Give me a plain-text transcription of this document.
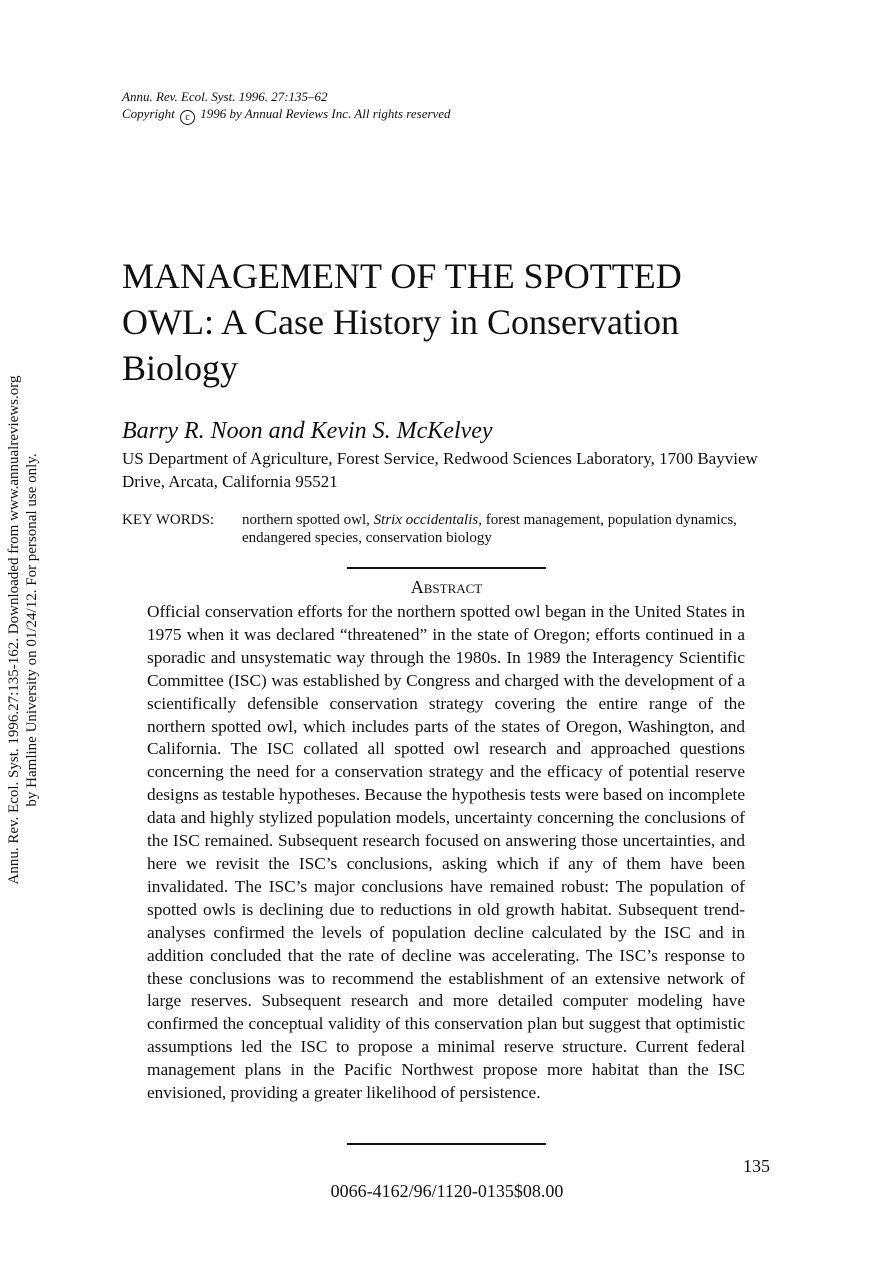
Annu. Rev. Ecol. Syst. 1996. 27:135–62
Copyright c 1996 by Annual Reviews Inc. All rights reserved
MANAGEMENT OF THE SPOTTED OWL: A Case History in Conservation Biology
Barry R. Noon and Kevin S. McKelvey
US Department of Agriculture, Forest Service, Redwood Sciences Laboratory, 1700 Bayview Drive, Arcata, California 95521
KEY WORDS:	northern spotted owl, Strix occidentalis, forest management, population dynamics, endangered species, conservation biology
Abstract

Official conservation efforts for the northern spotted owl began in the United States in 1975 when it was declared “threatened” in the state of Oregon; efforts continued in a sporadic and unsystematic way through the 1980s. In 1989 the Interagency Scientific Committee (ISC) was established by Congress and charged with the development of a scientifically defensible conservation strategy covering the entire range of the northern spotted owl, which includes parts of the states of Oregon, Washington, and California. The ISC collated all spotted owl research and approached questions concerning the need for a conservation strategy and the efficacy of potential reserve designs as testable hypotheses. Because the hypothesis tests were based on incomplete data and highly stylized population models, uncertainty concerning the conclusions of the ISC remained. Subsequent research focused on answering those uncertainties, and here we revisit the ISC’s conclusions, asking which if any of them have been invalidated. The ISC’s major conclusions have remained robust: The population of spotted owls is declining due to reductions in old growth habitat. Subsequent trend-analyses confirmed the levels of population decline calculated by the ISC and in addition concluded that the rate of decline was accelerating. The ISC’s response to these conclusions was to recommend the establishment of an extensive network of large reserves. Subsequent research and more detailed computer modeling have confirmed the conceptual validity of this conservation plan but suggest that optimistic assumptions led the ISC to propose a minimal reserve structure. Current federal management plans in the Pacific Northwest propose more habitat than the ISC envisioned, providing a greater likelihood of persistence.

135
0066-4162/96/1120-0135$08.00
Annu. Rev. Ecol. Syst. 1996.27:135-162. Downloaded from www.annualreviews.org by Hamline University on 01/24/12. For personal use only.
